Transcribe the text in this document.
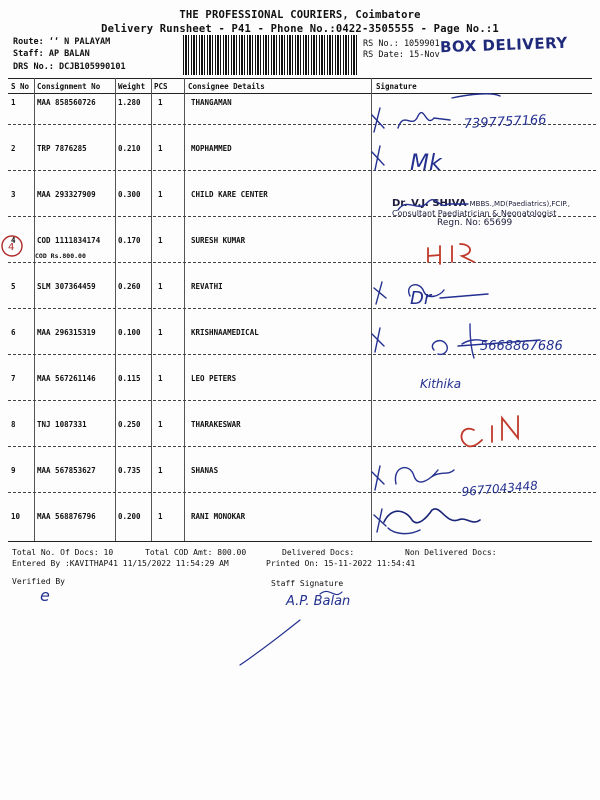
THE PROFESSIONAL COURIERS, Coimbatore
Delivery Runsheet - P41 - Phone No.:0422-3505555 - Page No.:1
Route: ‘‘ N PALAYAM
Staff: AP BALAN
DRS No.: DCJB105990101
RS No.: 1059901
RS Date: 15-Nov BOX DELIVERY
S No Consignment No Weight PCS	Consignee Details	Signature
1	MAA 858560726	1.280 1	THANGAMAN
2	TRP 7876285	0.210 1	MOPHAMMED
3	MAA 293327909	0.300 1	CHILD KARE CENTER
4	COD 1111834174 0.170 1	SURESH KUMAR
COD Rs.800.00
5	SLM 307364459	0.260 1	REVATHI
6	MAA 296315319	0.100 1	KRISHNAAMEDICAL
7	MAA 567261146	0.115 1	LEO PETERS
8	TNJ 1087331	0.250 1	THARAKESWAR
9	MAA 567853627	0.735 1	SHANAS
10 MAA 568876796	0.200 1	RANI MONOKAR
Dr. V.J. SHIVA MBBS.,MD(Paediatrics),FCIP.,
Consultant Paediatrician & Neonatologist
Regn. No: 65699
7397757166
Mk
5668867686
Kithika
9677043448
Dr
e	A.P. Balan
4
Total No. Of Docs: 10	Total COD Amt: 800.00	Delivered Docs:	Non Delivered Docs:
Entered By :KAVITHAP41 11/15/2022 11:54:29 AM	Printed On: 15-11-2022 11:54:41
Verified By	Staff Signature
